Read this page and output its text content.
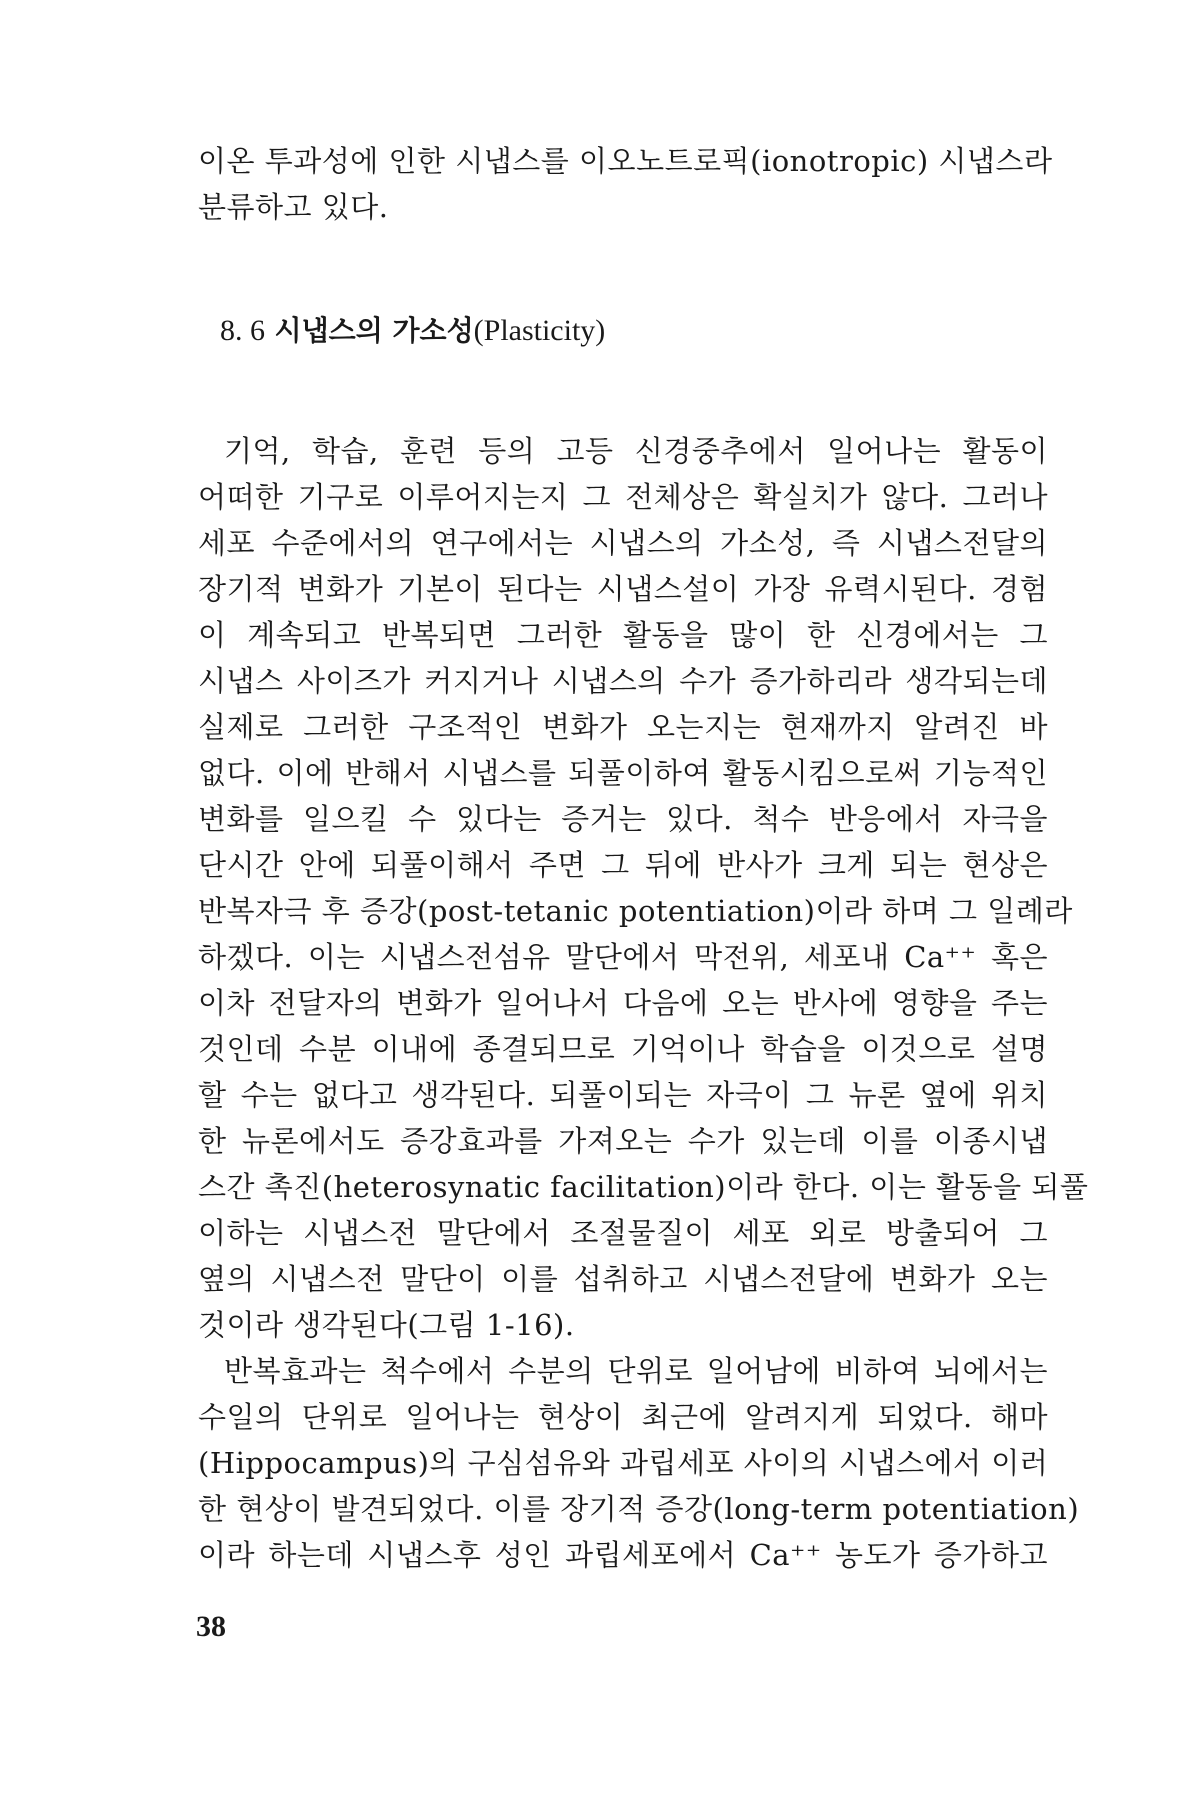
이온 투과성에 인한 시냅스를 이오노트로픽(ionotropic) 시냅스라
분류하고 있다.
8. 6 시냅스의 가소성(Plasticity)
기억, 학습, 훈련 등의 고등 신경중추에서 일어나는 활동이
어떠한 기구로 이루어지는지 그 전체상은 확실치가 않다. 그러나
세포 수준에서의 연구에서는 시냅스의 가소성, 즉 시냅스전달의
장기적 변화가 기본이 된다는 시냅스설이 가장 유력시된다. 경험
이 계속되고 반복되면 그러한 활동을 많이 한 신경에서는 그
시냅스 사이즈가 커지거나 시냅스의 수가 증가하리라 생각되는데
실제로 그러한 구조적인 변화가 오는지는 현재까지 알려진 바
없다. 이에 반해서 시냅스를 되풀이하여 활동시킴으로써 기능적인
변화를 일으킬 수 있다는 증거는 있다. 척수 반응에서 자극을
단시간 안에 되풀이해서 주면 그 뒤에 반사가 크게 되는 현상은
반복자극 후 증강(post-tetanic potentiation)이라 하며 그 일례라
하겠다. 이는 시냅스전섬유 말단에서 막전위, 세포내 Ca⁺⁺ 혹은
이차 전달자의 변화가 일어나서 다음에 오는 반사에 영향을 주는
것인데 수분 이내에 종결되므로 기억이나 학습을 이것으로 설명
할 수는 없다고 생각된다. 되풀이되는 자극이 그 뉴론 옆에 위치
한 뉴론에서도 증강효과를 가져오는 수가 있는데 이를 이종시냅
스간 촉진(heterosynatic facilitation)이라 한다. 이는 활동을 되풀
이하는 시냅스전 말단에서 조절물질이 세포 외로 방출되어 그
옆의 시냅스전 말단이 이를 섭취하고 시냅스전달에 변화가 오는
것이라 생각된다(그림 1-16).
반복효과는 척수에서 수분의 단위로 일어남에 비하여 뇌에서는
수일의 단위로 일어나는 현상이 최근에 알려지게 되었다. 해마
(Hippocampus)의 구심섬유와 과립세포 사이의 시냅스에서 이러
한 현상이 발견되었다. 이를 장기적 증강(long-term potentiation)
이라 하는데 시냅스후 성인 과립세포에서 Ca⁺⁺ 농도가 증가하고
38
